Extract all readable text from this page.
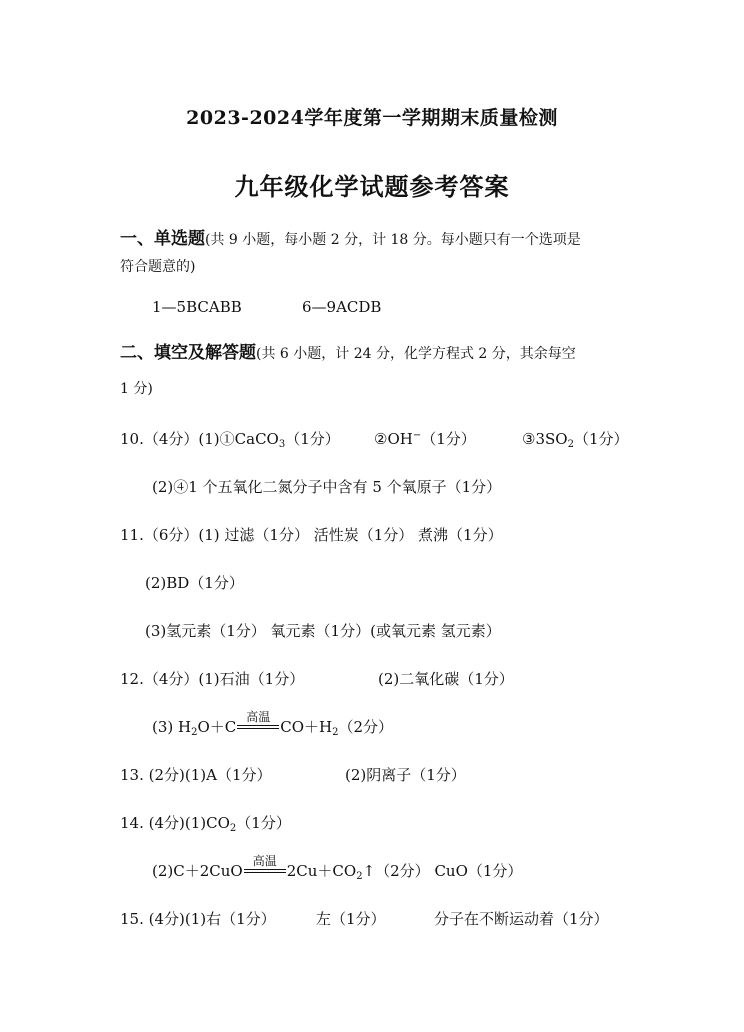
2023-2024学年度第一学期期末质量检测
九年级化学试题参考答案
一、单选题(共 9 小题，每小题 2 分，计 18 分。每小题只有一个选项是
符合题意的)
1—5BCABB	6—9ACDB
二、填空及解答题(共 6 小题，计 24 分，化学方程式 2 分，其余每空
1 分)
10.（4分）(1)①CaCO$_3$（1分） ②OH−（1分）	$③3SO_2(1$分）
(2)④1 个五氧化二氮分子中含有 5 个氧原子（1分）
11.（6分）(1) 过滤（1分） 活性炭（1分） 煮沸（1分）
(2)BD（1分）
(3)氢元素（1分） 氧元素（1分）(或氧元素 氢元素）
12.（4分）(1)石油（1分）	(2)二氧化碳（1分）
(3) $H_2O+C$
高温
$CO+H_2(2$分）
13. (2分)(1)A（1分）	(2)阴离子（1分）
14. (4分)$(1)CO_2(1$分）
(2)C＋2CuO
高温
$2Cu+CO_2↑(2$分） CuO（1分）
15. (4分)(1)右（1分）	左（1分）	分子在不断运动着（1分）
